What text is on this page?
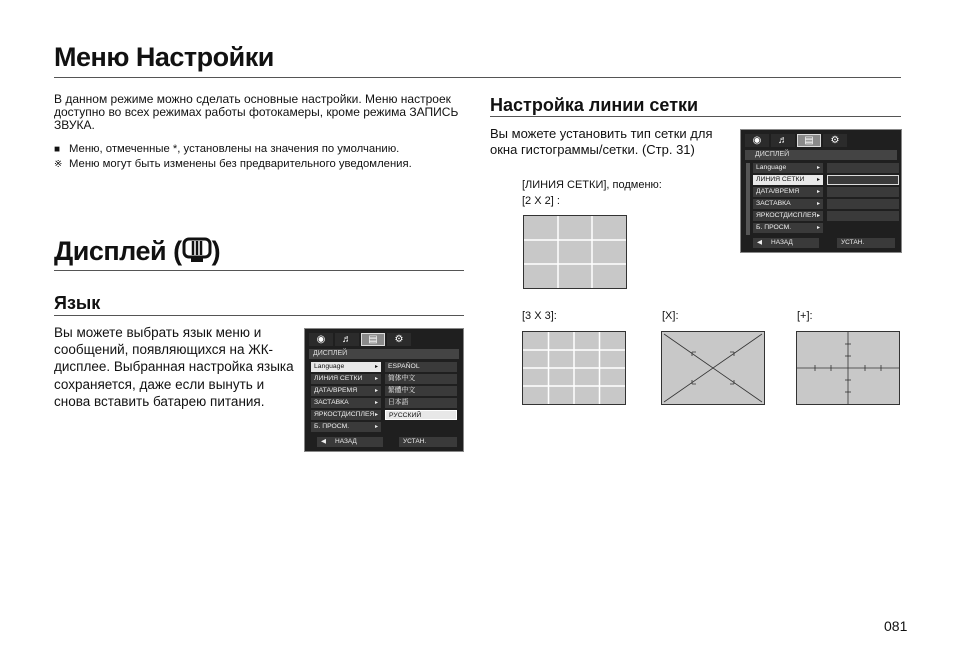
Меню Настройки
В данном режиме можно сделать основные настройки. Меню настроек доступно во всех режимах работы фотокамеры, кроме режима ЗАПИСЬ ЗВУКА.
■ Меню, отмеченные *, установлены на значения по умолчанию.
※ Меню могут быть изменены без предварительного уведомления.
Дисплей ( )
Язык
Вы можете выбрать язык меню и сообщений, появляющихся на ЖК-дисплее. Выбранная настройка языка сохраняется, даже если вынуть и снова вставить батарею питания.
◉	♬	▤	⚙
ДИСПЛЕЙ
Language	▸
ЛИНИЯ СЕТКИ ▸
ДАТА/ВРЕМЯ	▸
ЗАСТАВКА	▸
ЯРКОСТДИСПЛЕЯ ▸
Б. ПРОСМ.	▸
ESPAÑOL
简体中文
繁體中文
日本語
РУССКИЙ
◀ НАЗАД	УСТАН.
Настройка линии сетки
Вы можете установить тип сетки для окна гистограммы/сетки. (Стр. 31)
◉	♬	▤	⚙
ДИСПЛЕЙ
Language	▸
ЛИНИЯ СЕТКИ ▸
ДАТА/ВРЕМЯ	▸
ЗАСТАВКА	▸
ЯРКОСТДИСПЛЕЯ ▸
Б. ПРОСМ.	▸
◀ НАЗАД	УСТАН.
[ЛИНИЯ СЕТКИ], подменю:
[2 X 2] :
[3 X 3]:	[X]:	[+]:
081
